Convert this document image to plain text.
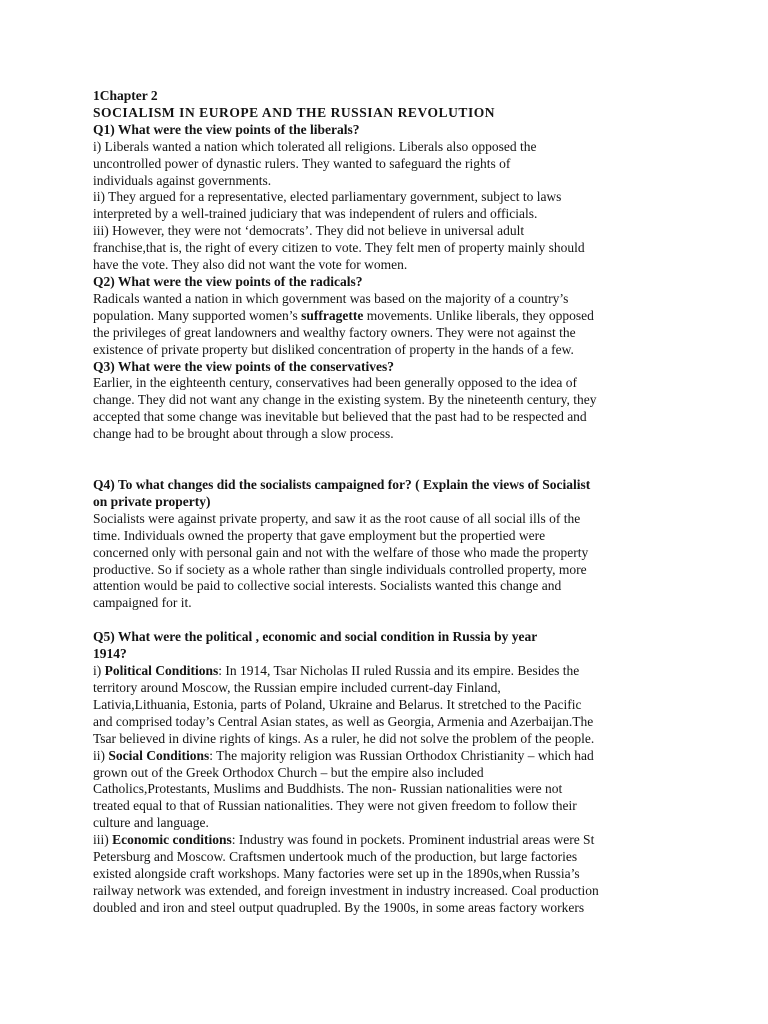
1Chapter 2
SOCIALISM IN EUROPE AND THE RUSSIAN REVOLUTION
Q1) What were the view points of the liberals?
i) Liberals wanted a nation which tolerated all religions. Liberals also opposed the
uncontrolled power of dynastic rulers. They wanted to safeguard the rights of
individuals against governments.
ii) They argued for a representative, elected parliamentary government, subject to laws
interpreted by a well-trained judiciary that was independent of rulers and officials.
iii) However, they were not ‘democrats’. They did not believe in universal adult
franchise,that is, the right of every citizen to vote. They felt men of property mainly should
have the vote. They also did not want the vote for women.
Q2) What were the view points of the radicals?
Radicals wanted a nation in which government was based on the majority of a country’s
population. Many supported women’s suffragette movements. Unlike liberals, they opposed
the privileges of great landowners and wealthy factory owners. They were not against the
existence of private property but disliked concentration of property in the hands of a few.
Q3) What were the view points of the conservatives?
Earlier, in the eighteenth century, conservatives had been generally opposed to the idea of
change. They did not want any change in the existing system. By the nineteenth century, they
accepted that some change was inevitable but believed that the past had to be respected and
change had to be brought about through a slow process.
Q4) To what changes did the socialists campaigned for? ( Explain the views of Socialist
on private property)
Socialists were against private property, and saw it as the root cause of all social ills of the
time. Individuals owned the property that gave employment but the propertied were
concerned only with personal gain and not with the welfare of those who made the property
productive. So if society as a whole rather than single individuals controlled property, more
attention would be paid to collective social interests. Socialists wanted this change and
campaigned for it.
Q5) What were the political , economic and social condition in Russia by year
1914?
i) Political Conditions: In 1914, Tsar Nicholas II ruled Russia and its empire. Besides the
territory around Moscow, the Russian empire included current-day Finland,
Lativia,Lithuania, Estonia, parts of Poland, Ukraine and Belarus. It stretched to the Pacific
and comprised today’s Central Asian states, as well as Georgia, Armenia and Azerbaijan.The
Tsar believed in divine rights of kings. As a ruler, he did not solve the problem of the people.
ii) Social Conditions: The majority religion was Russian Orthodox Christianity – which had
grown out of the Greek Orthodox Church – but the empire also included
Catholics,Protestants, Muslims and Buddhists. The non- Russian nationalities were not
treated equal to that of Russian nationalities. They were not given freedom to follow their
culture and language.
iii) Economic conditions: Industry was found in pockets. Prominent industrial areas were St
Petersburg and Moscow. Craftsmen undertook much of the production, but large factories
existed alongside craft workshops. Many factories were set up in the 1890s,when Russia’s
railway network was extended, and foreign investment in industry increased. Coal production
doubled and iron and steel output quadrupled. By the 1900s, in some areas factory workers
